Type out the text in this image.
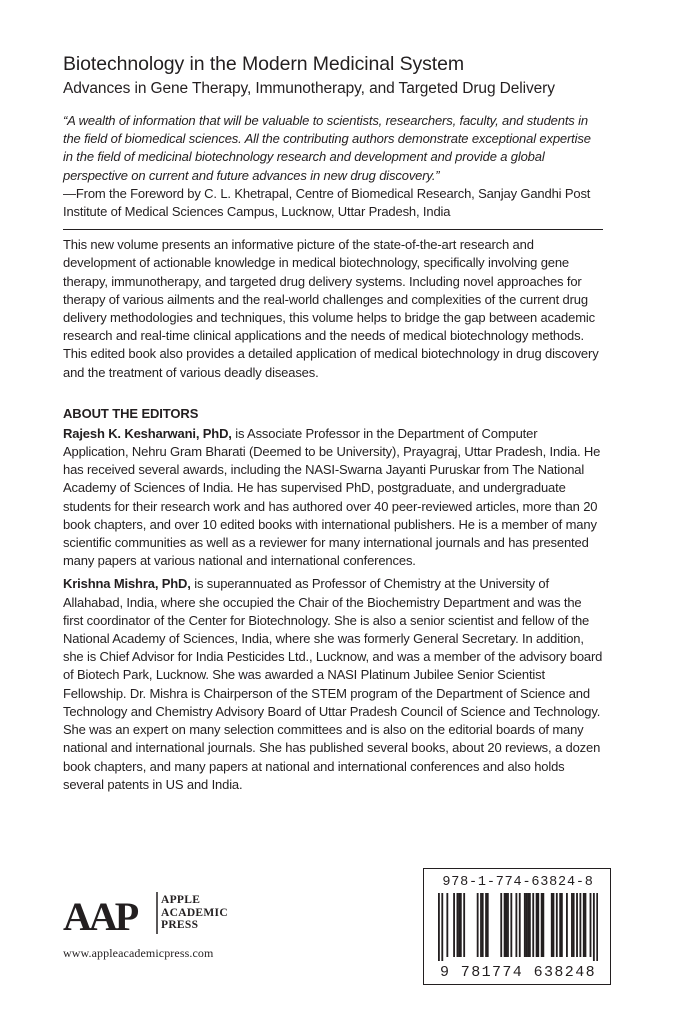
Biotechnology in the Modern Medicinal System
Advances in Gene Therapy, Immunotherapy, and Targeted Drug Delivery

“A wealth of information that will be valuable to scientists, researchers, faculty, and students in the field of biomedical sciences. All the contributing authors demonstrate exceptional expertise in the field of medicinal biotechnology research and development and provide a global perspective on current and future advances in new drug discovery.”

—From the Foreword by C. L. Khetrapal, Centre of Biomedical Research, Sanjay Gandhi Post Institute of Medical Sciences Campus, Lucknow, Uttar Pradesh, India

This new volume presents an informative picture of the state-of-the-art research and development of actionable knowledge in medical biotechnology, specifically involving gene therapy, immunotherapy, and targeted drug delivery systems. Including novel approaches for therapy of various ailments and the real-world challenges and complexities of the current drug delivery methodologies and techniques, this volume helps to bridge the gap between academic research and real-time clinical applications and the needs of medical biotechnology methods. This edited book also provides a detailed application of medical biotechnology in drug discovery and the treatment of various deadly diseases.

ABOUT THE EDITORS

Rajesh K. Kesharwani, PhD, is Associate Professor in the Department of Computer Application, Nehru Gram Bharati (Deemed to be University), Prayagraj, Uttar Pradesh, India. He has received several awards, including the NASI-Swarna Jayanti Puruskar from The National Academy of Sciences of India. He has supervised PhD, postgraduate, and undergraduate students for their research work and has authored over 40 peer-reviewed articles, more than 20 book chapters, and over 10 edited books with international publishers. He is a member of many scientific communities as well as a reviewer for many international journals and has presented many papers at various national and international conferences.

Krishna Mishra, PhD, is superannuated as Professor of Chemistry at the University of Allahabad, India, where she occupied the Chair of the Biochemistry Department and was the first coordinator of the Center for Biotechnology. She is also a senior scientist and fellow of the National Academy of Sciences, India, where she was formerly General Secretary. In addition, she is Chief Advisor for India Pesticides Ltd., Lucknow, and was a member of the advisory board of Biotech Park, Lucknow. She was awarded a NASI Platinum Jubilee Senior Scientist Fellowship. Dr. Mishra is Chairperson of the STEM program of the Department of Science and Technology and Chemistry Advisory Board of Uttar Pradesh Council of Science and Technology. She was an expert on many selection committees and is also on the editorial boards of many national and international journals. She has published several books, about 20 reviews, a dozen book chapters, and many papers at national and international conferences and also holds several patents in US and India.

AAP APPLE
ACADEMIC
PRESS
www.appleacademicpress.com
978-1-774-63824-8
9 781774 638248
